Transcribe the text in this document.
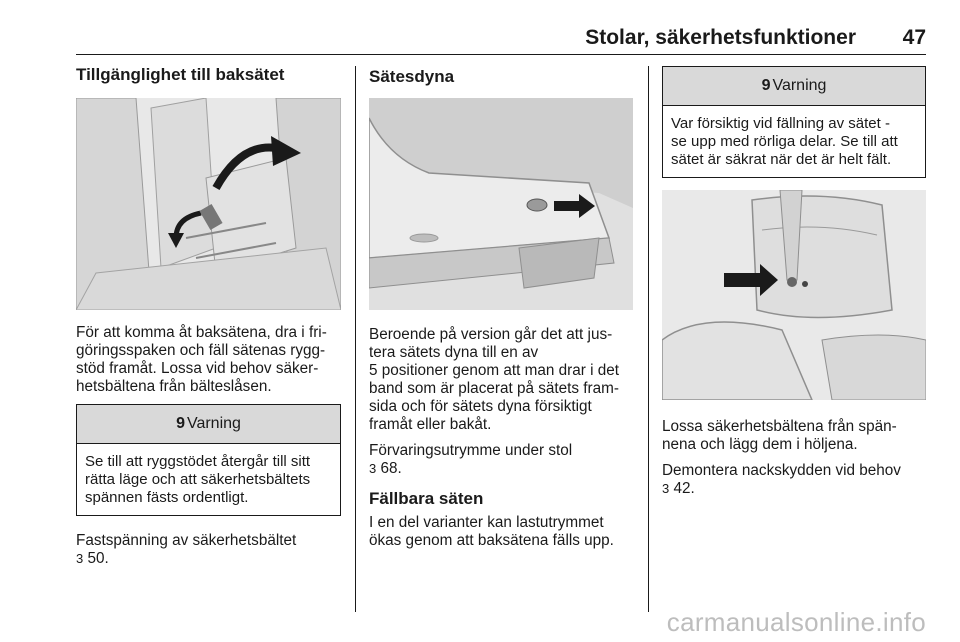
Stolar, säkerhetsfunktioner 47
Tillgänglighet till baksätet

För att komma åt baksätena, dra i fri-
göringsspaken och fäll sätenas rygg-
stöd framåt. Lossa vid behov säker-
hetsbältena från bälteslåsen.

9 Varning
Se till att ryggstödet återgår till sitt
rätta läge och att säkerhetsbältets
spännen fästs ordentligt.

Fastspänning av säkerhetsbältet
3 50.

Sätesdyna

Beroende på version går det att jus-
tera sätets dyna till en av
5 positioner genom att man drar i det
band som är placerat på sätets fram-
sida och för sätets dyna försiktigt
framåt eller bakåt.

Förvaringsutrymme under stol
3 68.

Fällbara säten

I en del varianter kan lastutrymmet
ökas genom att baksätena fälls upp.

9 Varning
Var försiktig vid fällning av sätet -
se upp med rörliga delar. Se till att
sätet är säkrat när det är helt fält.

Lossa säkerhetsbältena från spän-
nena och lägg dem i höljena.

Demontera nackskydden vid behov
3 42.

carmanualsonline.info
